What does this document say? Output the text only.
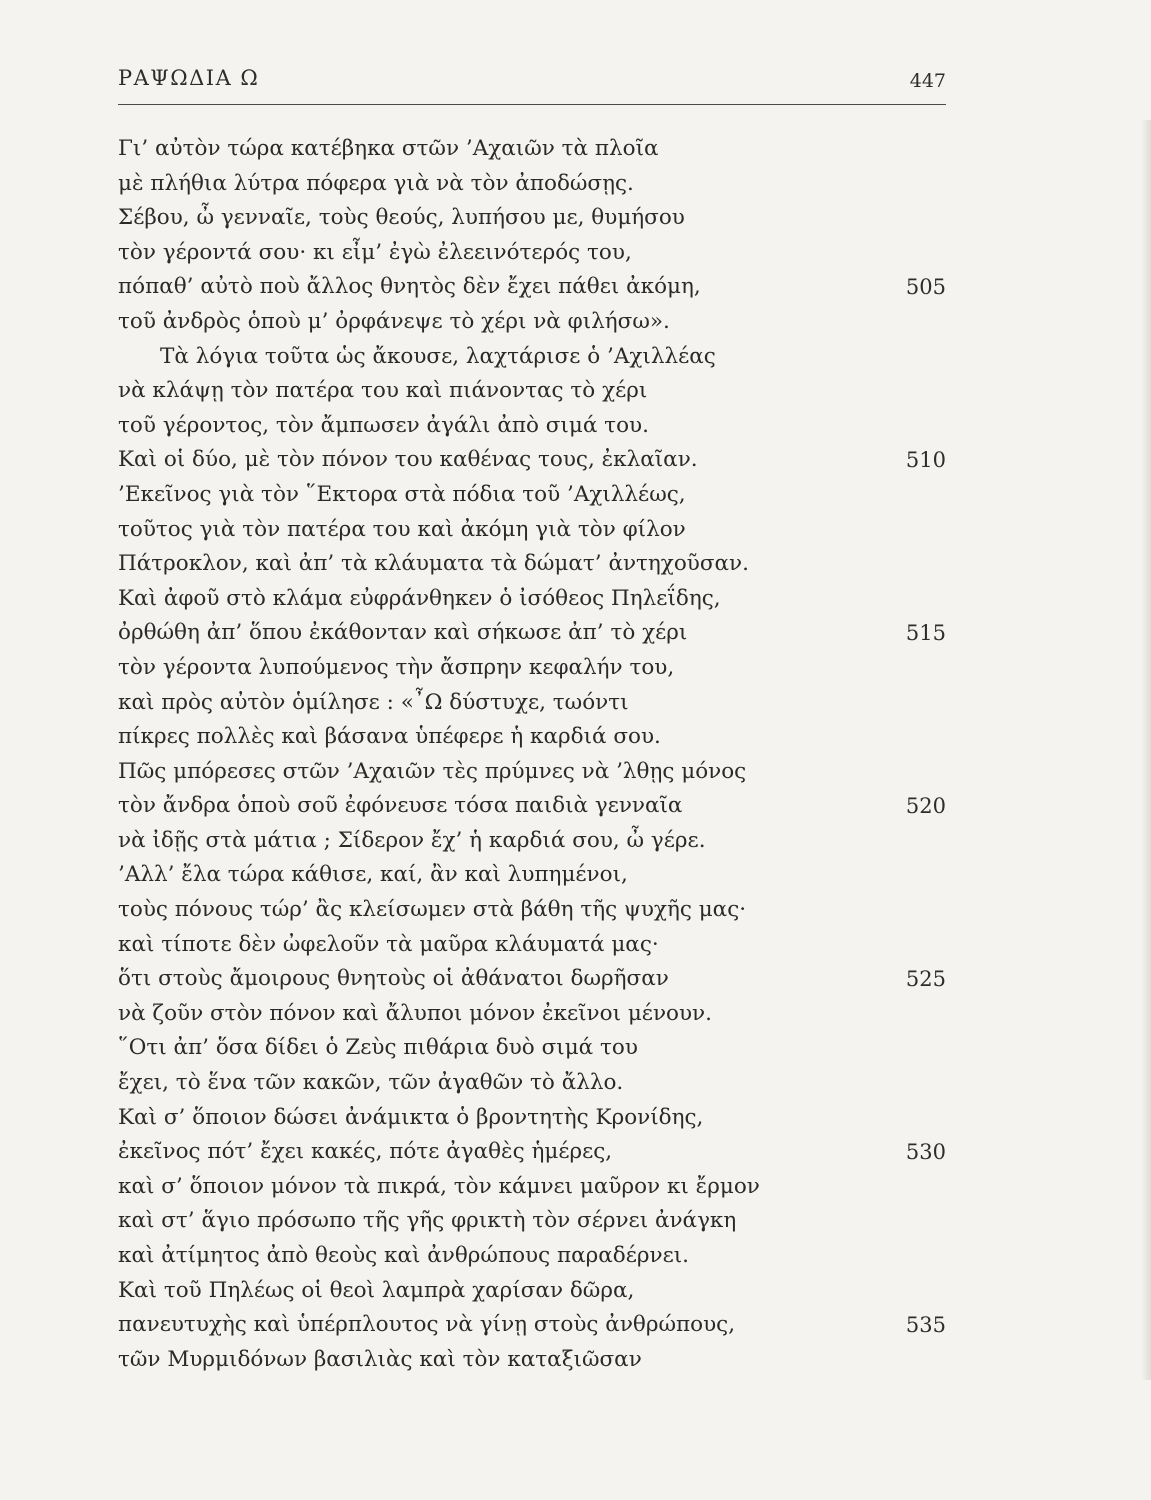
ΡΑΨΩΔΙΑ Ω	447
Γι’ αὐτὸν τώρα κατέβηκα στῶν ’Αχαιῶν τὰ πλοῖα
μὲ πλήθια λύτρα πόφερα γιὰ νὰ τὸν ἀποδώσῃς.
Σέβου, ὦ γενναῖε, τοὺς θεούς, λυπήσου με, θυμήσου
τὸν γέροντά σου· κι εἶμ’ ἐγὼ ἐλεεινότερός του,
πόπαθ’ αὐτὸ ποὺ ἄλλος θνητὸς δὲν ἔχει πάθει ἀκόμη,	505
τοῦ ἀνδρὸς ὁποὺ μ’ ὀρφάνεψε τὸ χέρι νὰ φιλήσω».
Τὰ λόγια τοῦτα ὡς ἄκουσε, λαχτάρισε ὁ ’Αχιλλέας
νὰ κλάψῃ τὸν πατέρα του καὶ πιάνοντας τὸ χέρι
τοῦ γέροντος, τὸν ἄμπωσεν ἀγάλι ἀπὸ σιμά του.
Καὶ οἱ δύο, μὲ τὸν πόνον του καθένας τους, ἐκλαῖαν.	510
’Εκεῖνος γιὰ τὸν ῞Εκτορα στὰ πόδια τοῦ ’Αχιλλέως,
τοῦτος γιὰ τὸν πατέρα του καὶ ἀκόμη γιὰ τὸν φίλον
Πάτροκλον, καὶ ἀπ’ τὰ κλάυματα τὰ δώματ’ ἀντηχοῦσαν.
Καὶ ἀφοῦ στὸ κλάμα εὐφράνθηκεν ὁ ἰσόθεος Πηλεΐδης,
ὀρθώθη ἀπ’ ὅπου ἐκάθονταν καὶ σήκωσε ἀπ’ τὸ χέρι	515
τὸν γέροντα λυπούμενος τὴν ἄσπρην κεφαλήν του,
καὶ πρὸς αὐτὸν ὁμίλησε : «῏Ω δύστυχε, τωόντι
πίκρες πολλὲς καὶ βάσανα ὑπέφερε ἡ καρδιά σου.
Πῶς μπόρεσες στῶν ’Αχαιῶν τὲς πρύμνες νὰ ’λθῃς μόνος
τὸν ἄνδρα ὁποὺ σοῦ ἐφόνευσε τόσα παιδιὰ γενναῖα	520
νὰ ἰδῇς στὰ μάτια ; Σίδερον ἔχ’ ἡ καρδιά σου, ὦ γέρε.
’Αλλ’ ἔλα τώρα κάθισε, καί, ἂν καὶ λυπημένοι,
τοὺς πόνους τώρ’ ἂς κλείσωμεν στὰ βάθη τῆς ψυχῆς μας·
καὶ τίποτε δὲν ὠφελοῦν τὰ μαῦρα κλάυματά μας·
ὅτι στοὺς ἄμοιρους θνητοὺς οἱ ἀθάνατοι δωρῆσαν	525
νὰ ζοῦν στὸν πόνον καὶ ἄλυποι μόνον ἐκεῖνοι μένουν.
῞Οτι ἀπ’ ὅσα δίδει ὁ Ζεὺς πιθάρια δυὸ σιμά του
ἔχει, τὸ ἕνα τῶν κακῶν, τῶν ἀγαθῶν τὸ ἄλλο.
Καὶ σ’ ὅποιον δώσει ἀνάμικτα ὁ βροντητὴς Κρονίδης,
ἐκεῖνος πότ’ ἔχει κακές, πότε ἀγαθὲς ἡμέρες,	530
καὶ σ’ ὅποιον μόνον τὰ πικρά, τὸν κάμνει μαῦρον κι ἔρμον
καὶ στ’ ἅγιο πρόσωπο τῆς γῆς φρικτὴ τὸν σέρνει ἀνάγκη
καὶ ἀτίμητος ἀπὸ θεοὺς καὶ ἀνθρώπους παραδέρνει.
Καὶ τοῦ Πηλέως οἱ θεοὶ λαμπρὰ χαρίσαν δῶρα,
πανευτυχὴς καὶ ὑπέρπλουτος νὰ γίνῃ στοὺς ἀνθρώπους,	535
τῶν Μυρμιδόνων βασιλιὰς καὶ τὸν καταξιῶσαν
